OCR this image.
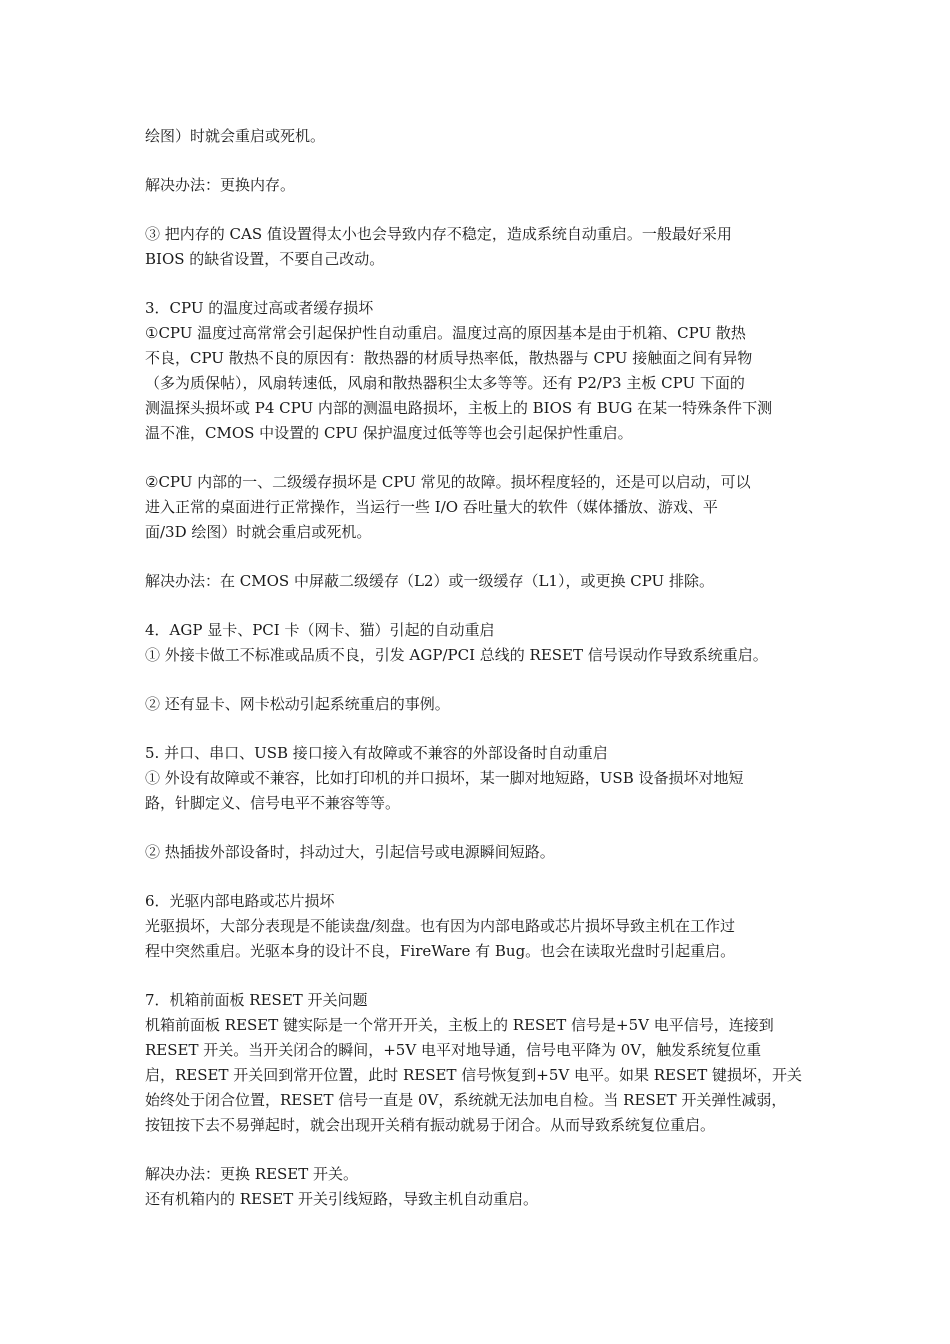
绘图）时就会重启或死机。

解决办法：更换内存。

③ 把内存的 CAS 值设置得太小也会导致内存不稳定，造成系统自动重启。一般最好采用
BIOS 的缺省设置，不要自己改动。

3．CPU 的温度过高或者缓存损坏
①CPU 温度过高常常会引起保护性自动重启。温度过高的原因基本是由于机箱、CPU 散热
不良，CPU 散热不良的原因有：散热器的材质导热率低，散热器与 CPU 接触面之间有异物
（多为质保帖），风扇转速低，风扇和散热器积尘太多等等。还有 P2/P3 主板 CPU 下面的
测温探头损坏或 P4 CPU 内部的测温电路损坏，主板上的 BIOS 有 BUG 在某一特殊条件下测
温不准，CMOS 中设置的 CPU 保护温度过低等等也会引起保护性重启。

②CPU 内部的一、二级缓存损坏是 CPU 常见的故障。损坏程度轻的，还是可以启动，可以
进入正常的桌面进行正常操作，当运行一些 I/O 吞吐量大的软件（媒体播放、游戏、平
面/3D 绘图）时就会重启或死机。

解决办法：在 CMOS 中屏蔽二级缓存（L2）或一级缓存（L1），或更换 CPU 排除。

4．AGP 显卡、PCI 卡（网卡、猫）引起的自动重启
① 外接卡做工不标准或品质不良，引发 AGP/PCI 总线的 RESET 信号误动作导致系统重启。

② 还有显卡、网卡松动引起系统重启的事例。

5. 并口、串口、USB 接口接入有故障或不兼容的外部设备时自动重启
① 外设有故障或不兼容，比如打印机的并口损坏，某一脚对地短路，USB 设备损坏对地短
路，针脚定义、信号电平不兼容等等。

② 热插拔外部设备时，抖动过大，引起信号或电源瞬间短路。

6．光驱内部电路或芯片损坏
光驱损坏，大部分表现是不能读盘/刻盘。也有因为内部电路或芯片损坏导致主机在工作过
程中突然重启。光驱本身的设计不良，FireWare 有 Bug。也会在读取光盘时引起重启。

7．机箱前面板 RESET 开关问题
机箱前面板 RESET 键实际是一个常开开关，主板上的 RESET 信号是+5V 电平信号，连接到
RESET 开关。当开关闭合的瞬间，+5V 电平对地导通，信号电平降为 0V，触发系统复位重
启，RESET 开关回到常开位置，此时 RESET 信号恢复到+5V 电平。如果 RESET 键损坏，开关
始终处于闭合位置，RESET 信号一直是 0V，系统就无法加电自检。当 RESET 开关弹性减弱，
按钮按下去不易弹起时，就会出现开关稍有振动就易于闭合。从而导致系统复位重启。

解决办法：更换 RESET 开关。
还有机箱内的 RESET 开关引线短路，导致主机自动重启。
